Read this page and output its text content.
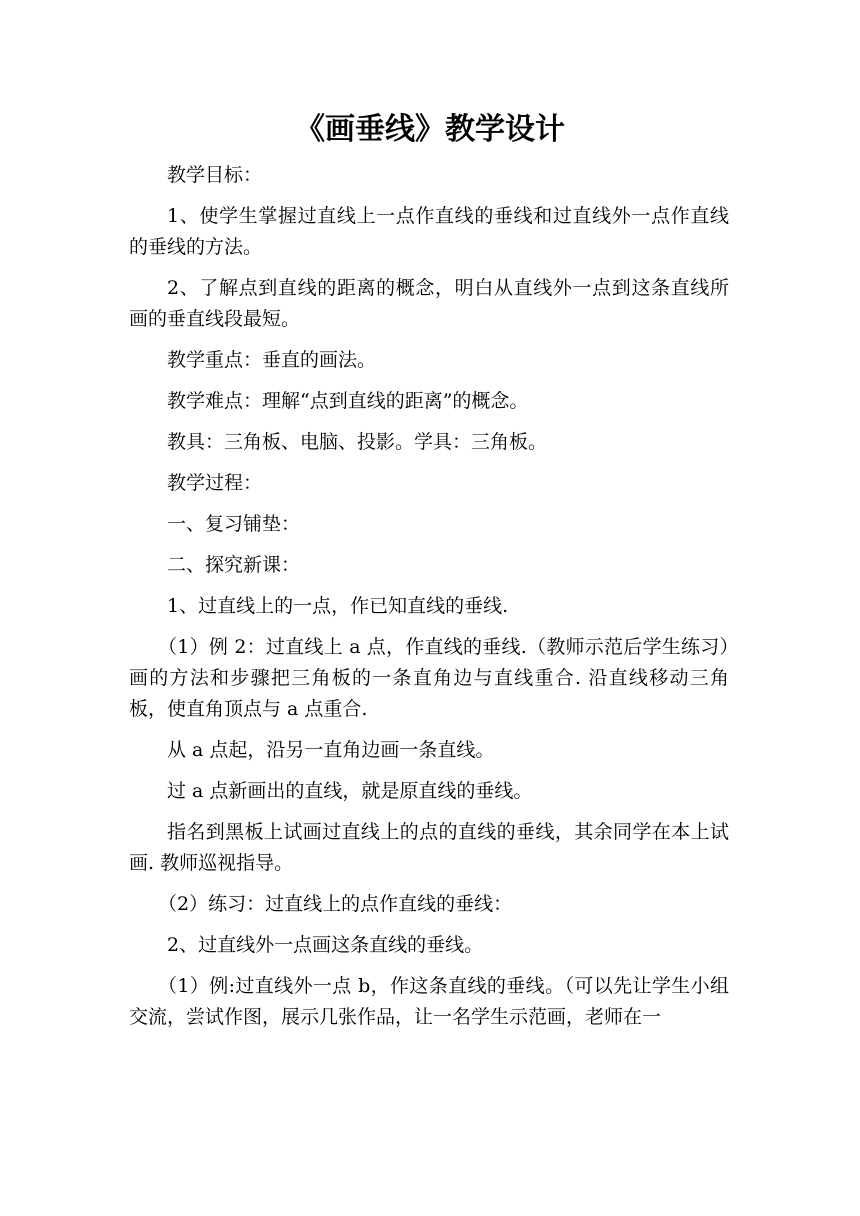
《画垂线》教学设计

教学目标：

1、使学生掌握过直线上一点作直线的垂线和过直线外一点作直线的垂线的方法。

2、了解点到直线的距离的概念，明白从直线外一点到这条直线所画的垂直线段最短。

教学重点：垂直的画法。

教学难点：理解“点到直线的距离”的概念。

教具：三角板、电脑、投影。学具：三角板。

教学过程：

一、复习铺垫：

二、探究新课：

1、过直线上的一点，作已知直线的垂线.

（1）例 2：过直线上 a 点，作直线的垂线.（教师示范后学生练习）画的方法和步骤把三角板的一条直角边与直线重合. 沿直线移动三角板，使直角顶点与 a 点重合.

从 a 点起，沿另一直角边画一条直线。

过 a 点新画出的直线，就是原直线的垂线。

指名到黑板上试画过直线上的点的直线的垂线，其余同学在本上试画. 教师巡视指导。

（2）练习：过直线上的点作直线的垂线：

2、过直线外一点画这条直线的垂线。

（1）例:过直线外一点 b，作这条直线的垂线。（可以先让学生小组交流，尝试作图，展示几张作品，让一名学生示范画，老师在一
